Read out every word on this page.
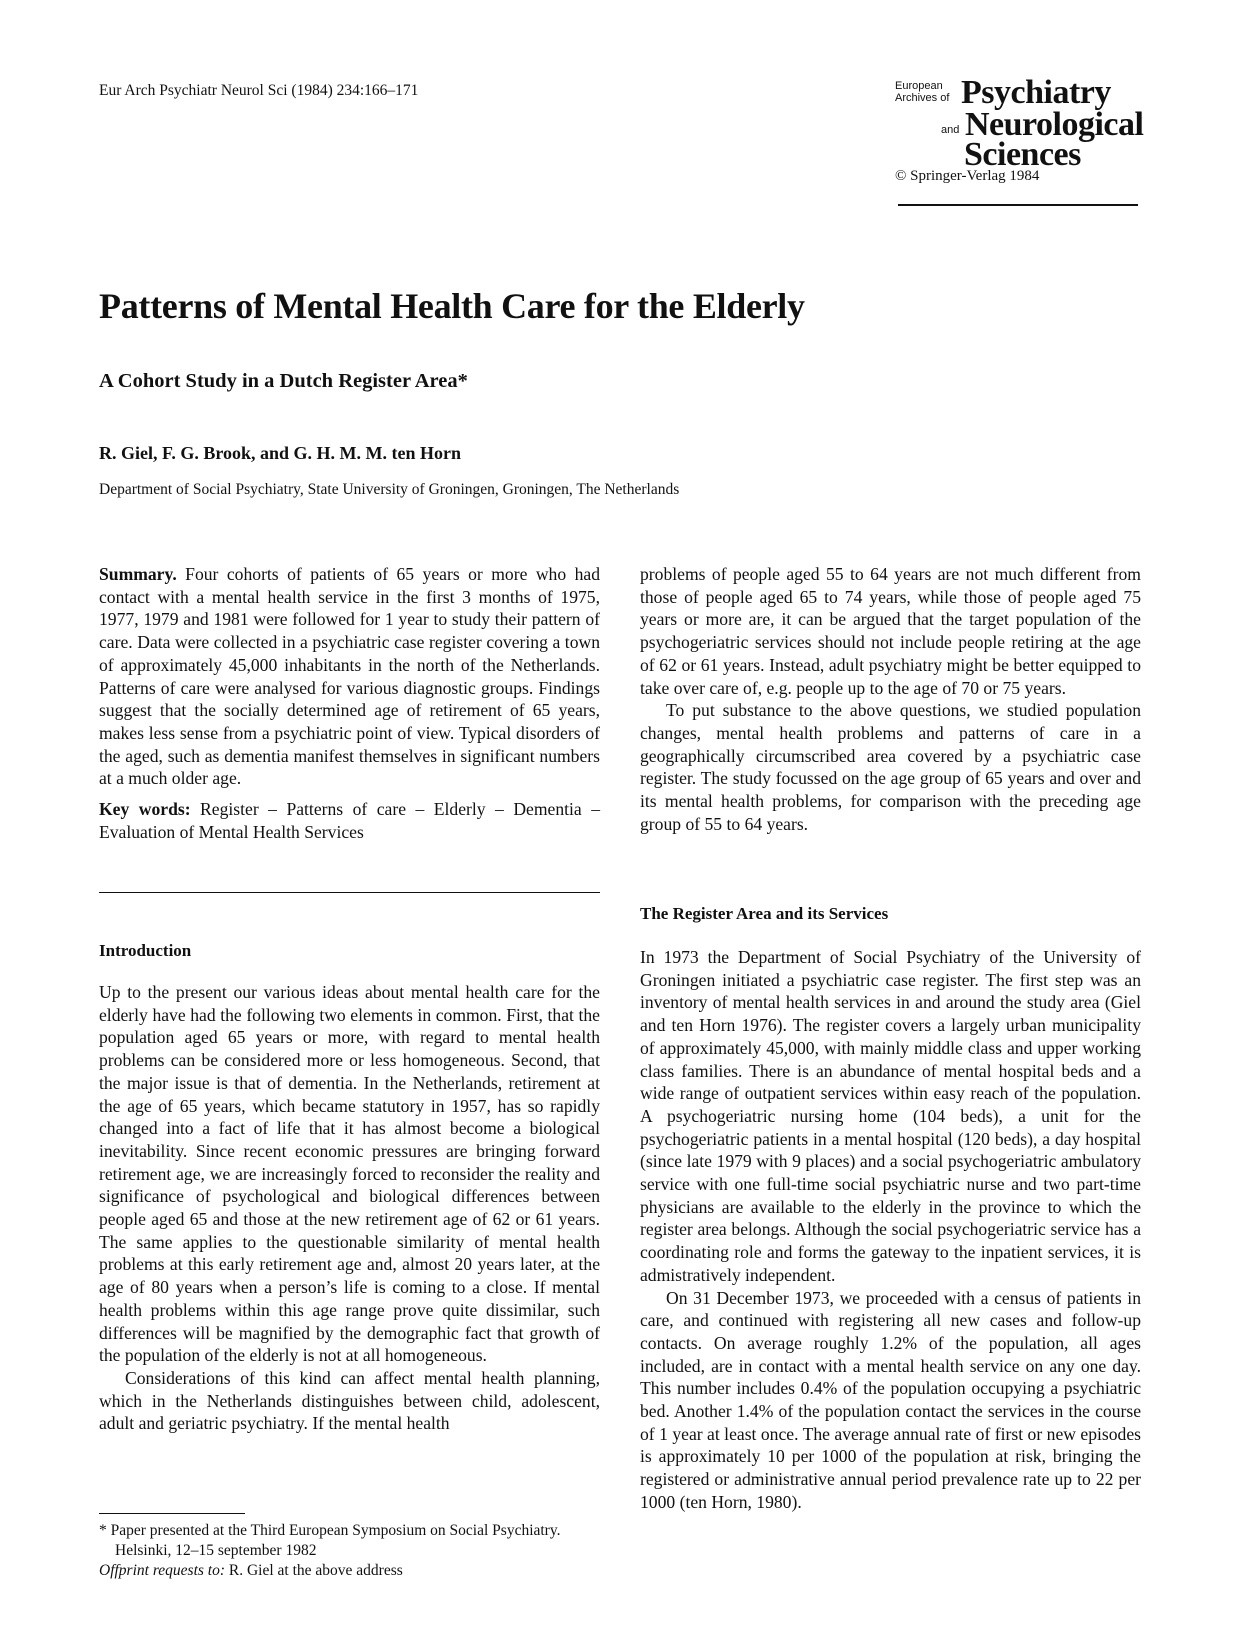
Eur Arch Psychiatr Neurol Sci (1984) 234:166–171	European
Archives of Psychiatry
and Neurological
Sciences
© Springer-Verlag 1984
Patterns of Mental Health Care for the Elderly
A Cohort Study in a Dutch Register Area*
R. Giel, F. G. Brook, and G. H. M. M. ten Horn
Department of Social Psychiatry, State University of Groningen, Groningen, The Netherlands

Summary. Four cohorts of patients of 65 years or more who had contact with a mental health service in the first 3 months of 1975, 1977, 1979 and 1981 were followed for 1 year to study their pattern of care. Data were collected in a psychiatric case register covering a town of approximately 45,000 inhabitants in the north of the Netherlands. Patterns of care were analysed for various diagnostic groups. Findings suggest that the socially determined age of retirement of 65 years, makes less sense from a psychiatric point of view. Typical disorders of the aged, such as dementia manifest themselves in significant numbers at a much older age.

Key words: Register – Patterns of care – Elderly – Dementia – Evaluation of Mental Health Services

Introduction

Up to the present our various ideas about mental health care for the elderly have had the following two elements in common. First, that the population aged 65 years or more, with regard to mental health problems can be considered more or less homogeneous. Second, that the major issue is that of dementia. In the Netherlands, retirement at the age of 65 years, which became statutory in 1957, has so rapidly changed into a fact of life that it has almost become a biological inevitability. Since recent economic pressures are bringing forward retirement age, we are increasingly forced to reconsider the reality and significance of psychological and biological differences between people aged 65 and those at the new retirement age of 62 or 61 years. The same applies to the questionable similarity of mental health problems at this early retirement age and, almost 20 years later, at the age of 80 years when a person’s life is coming to a close. If mental health problems within this age range prove quite dissimilar, such differences will be magnified by the demographic fact that growth of the population of the elderly is not at all homogeneous.

Considerations of this kind can affect mental health planning, which in the Netherlands distinguishes between child, adolescent, adult and geriatric psychiatry. If the mental health

* Paper presented at the Third European Symposium on Social Psychiatry. Helsinki, 12–15 september 1982
Offprint requests to: R. Giel at the above address

problems of people aged 55 to 64 years are not much different from those of people aged 65 to 74 years, while those of people aged 75 years or more are, it can be argued that the target population of the psychogeriatric services should not include people retiring at the age of 62 or 61 years. Instead, adult psychiatry might be better equipped to take over care of, e.g. people up to the age of 70 or 75 years.

To put substance to the above questions, we studied population changes, mental health problems and patterns of care in a geographically circumscribed area covered by a psychiatric case register. The study focussed on the age group of 65 years and over and its mental health problems, for comparison with the preceding age group of 55 to 64 years.

The Register Area and its Services

In 1973 the Department of Social Psychiatry of the University of Groningen initiated a psychiatric case register. The first step was an inventory of mental health services in and around the study area (Giel and ten Horn 1976). The register covers a largely urban municipality of approximately 45,000, with mainly middle class and upper working class families. There is an abundance of mental hospital beds and a wide range of outpatient services within easy reach of the population. A psychogeriatric nursing home (104 beds), a unit for the psychogeriatric patients in a mental hospital (120 beds), a day hospital (since late 1979 with 9 places) and a social psychogeriatric ambulatory service with one full-time social psychiatric nurse and two part-time physicians are available to the elderly in the province to which the register area belongs. Although the social psychogeriatric service has a coordinating role and forms the gateway to the inpatient services, it is admistratively independent.

On 31 December 1973, we proceeded with a census of patients in care, and continued with registering all new cases and follow-up contacts. On average roughly 1.2% of the population, all ages included, are in contact with a mental health service on any one day. This number includes 0.4% of the population occupying a psychiatric bed. Another 1.4% of the population contact the services in the course of 1 year at least once. The average annual rate of first or new episodes is approximately 10 per 1000 of the population at risk, bringing the registered or administrative annual period prevalence rate up to 22 per 1000 (ten Horn, 1980).
